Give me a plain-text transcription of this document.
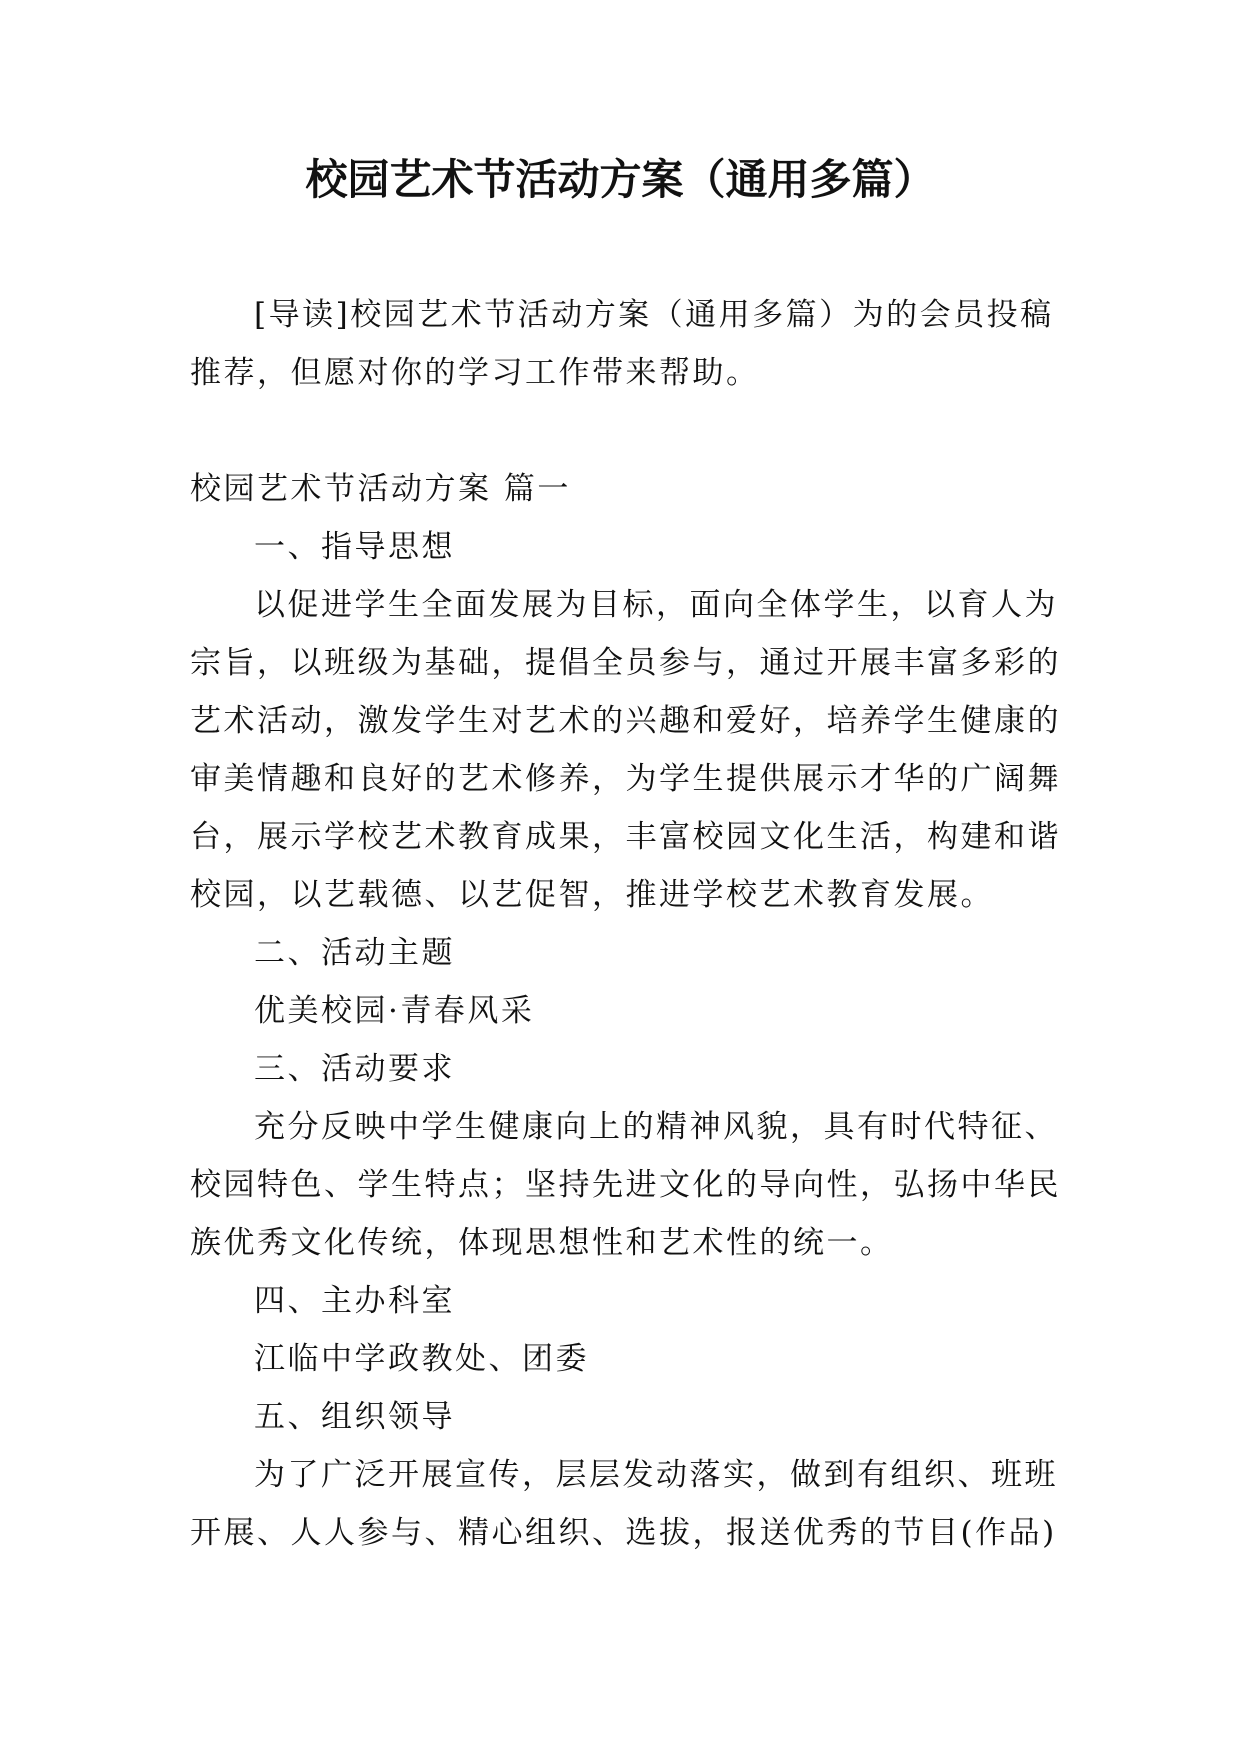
校园艺术节活动方案（通用多篇）

[导读]校园艺术节活动方案（通用多篇）为的会员投稿

推荐，但愿对你的学习工作带来帮助。

校园艺术节活动方案 篇一

一、指导思想

以促进学生全面发展为目标，面向全体学生，以育人为

宗旨，以班级为基础，提倡全员参与，通过开展丰富多彩的

艺术活动，激发学生对艺术的兴趣和爱好，培养学生健康的

审美情趣和良好的艺术修养，为学生提供展示才华的广阔舞

台，展示学校艺术教育成果，丰富校园文化生活，构建和谐

校园，以艺载德、以艺促智，推进学校艺术教育发展。

二、活动主题

优美校园·青春风采

三、活动要求

充分反映中学生健康向上的精神风貌，具有时代特征、

校园特色、学生特点；坚持先进文化的导向性，弘扬中华民

族优秀文化传统，体现思想性和艺术性的统一。

四、主办科室

江临中学政教处、团委

五、组织领导

为了广泛开展宣传，层层发动落实，做到有组织、班班

开展、人人参与、精心组织、选拔，报送优秀的节目(作品)
